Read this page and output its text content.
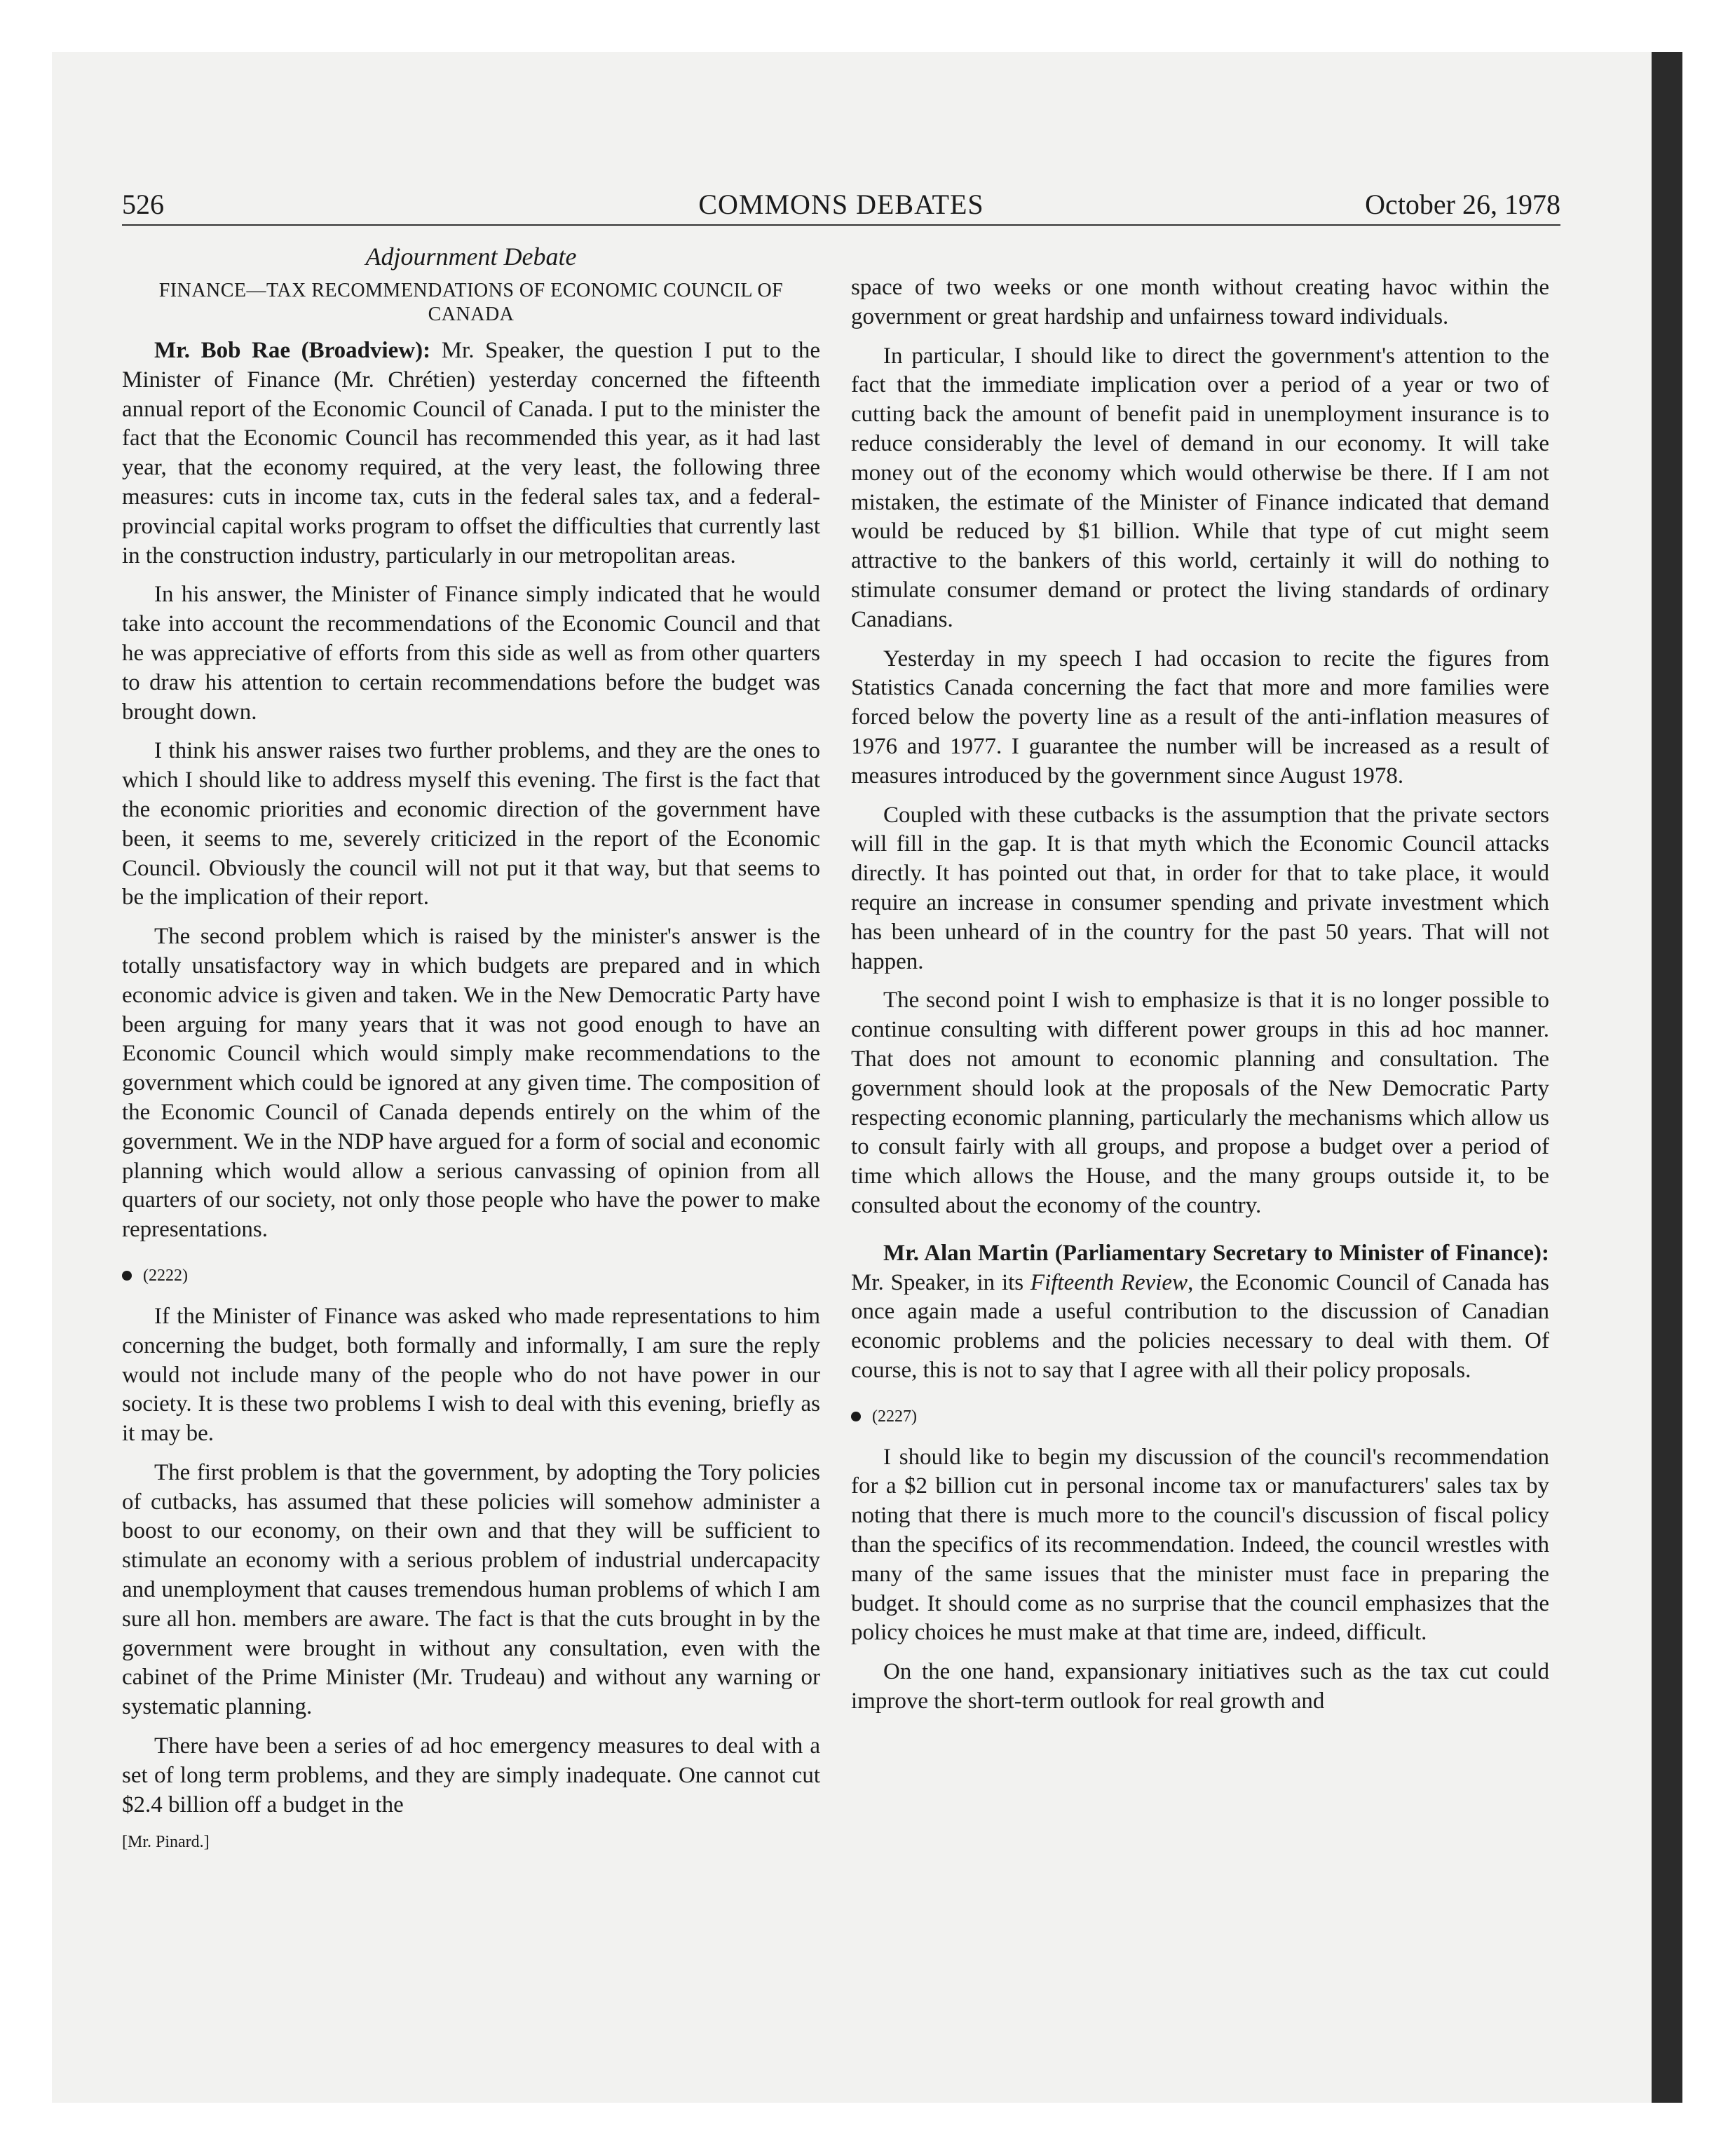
526	COMMONS DEBATES	October 26, 1978
Adjournment Debate
FINANCE—TAX RECOMMENDATIONS OF ECONOMIC COUNCIL OF CANADA

Mr. Bob Rae (Broadview): Mr. Speaker, the question I put to the Minister of Finance (Mr. Chrétien) yesterday concerned the fifteenth annual report of the Economic Council of Canada. I put to the minister the fact that the Economic Council has recommended this year, as it had last year, that the economy required, at the very least, the following three measures: cuts in income tax, cuts in the federal sales tax, and a federal-provincial capital works program to offset the difficulties that currently last in the construction industry, particularly in our metropolitan areas.

In his answer, the Minister of Finance simply indicated that he would take into account the recommendations of the Economic Council and that he was appreciative of efforts from this side as well as from other quarters to draw his attention to certain recommendations before the budget was brought down.

I think his answer raises two further problems, and they are the ones to which I should like to address myself this evening. The first is the fact that the economic priorities and economic direction of the government have been, it seems to me, severely criticized in the report of the Economic Council. Obviously the council will not put it that way, but that seems to be the implication of their report.

The second problem which is raised by the minister's answer is the totally unsatisfactory way in which budgets are prepared and in which economic advice is given and taken. We in the New Democratic Party have been arguing for many years that it was not good enough to have an Economic Council which would simply make recommendations to the government which could be ignored at any given time. The composition of the Economic Council of Canada depends entirely on the whim of the government. We in the NDP have argued for a form of social and economic planning which would allow a serious canvassing of opinion from all quarters of our society, not only those people who have the power to make representations.

(2222)

If the Minister of Finance was asked who made representations to him concerning the budget, both formally and informally, I am sure the reply would not include many of the people who do not have power in our society. It is these two problems I wish to deal with this evening, briefly as it may be.

The first problem is that the government, by adopting the Tory policies of cutbacks, has assumed that these policies will somehow administer a boost to our economy, on their own and that they will be sufficient to stimulate an economy with a serious problem of industrial undercapacity and unemployment that causes tremendous human problems of which I am sure all hon. members are aware. The fact is that the cuts brought in by the government were brought in without any consultation, even with the cabinet of the Prime Minister (Mr. Trudeau) and without any warning or systematic planning.

There have been a series of ad hoc emergency measures to deal with a set of long term problems, and they are simply inadequate. One cannot cut $2.4 billion off a budget in the

[Mr. Pinard.]

space of two weeks or one month without creating havoc within the government or great hardship and unfairness toward individuals.

In particular, I should like to direct the government's attention to the fact that the immediate implication over a period of a year or two of cutting back the amount of benefit paid in unemployment insurance is to reduce considerably the level of demand in our economy. It will take money out of the economy which would otherwise be there. If I am not mistaken, the estimate of the Minister of Finance indicated that demand would be reduced by $1 billion. While that type of cut might seem attractive to the bankers of this world, certainly it will do nothing to stimulate consumer demand or protect the living standards of ordinary Canadians.

Yesterday in my speech I had occasion to recite the figures from Statistics Canada concerning the fact that more and more families were forced below the poverty line as a result of the anti-inflation measures of 1976 and 1977. I guarantee the number will be increased as a result of measures introduced by the government since August 1978.

Coupled with these cutbacks is the assumption that the private sectors will fill in the gap. It is that myth which the Economic Council attacks directly. It has pointed out that, in order for that to take place, it would require an increase in consumer spending and private investment which has been unheard of in the country for the past 50 years. That will not happen.

The second point I wish to emphasize is that it is no longer possible to continue consulting with different power groups in this ad hoc manner. That does not amount to economic planning and consultation. The government should look at the proposals of the New Democratic Party respecting economic planning, particularly the mechanisms which allow us to consult fairly with all groups, and propose a budget over a period of time which allows the House, and the many groups outside it, to be consulted about the economy of the country.

Mr. Alan Martin (Parliamentary Secretary to Minister of Finance): Mr. Speaker, in its Fifteenth Review, the Economic Council of Canada has once again made a useful contribution to the discussion of Canadian economic problems and the policies necessary to deal with them. Of course, this is not to say that I agree with all their policy proposals.

(2227)

I should like to begin my discussion of the council's recommendation for a $2 billion cut in personal income tax or manufacturers' sales tax by noting that there is much more to the council's discussion of fiscal policy than the specifics of its recommendation. Indeed, the council wrestles with many of the same issues that the minister must face in preparing the budget. It should come as no surprise that the council emphasizes that the policy choices he must make at that time are, indeed, difficult.

On the one hand, expansionary initiatives such as the tax cut could improve the short-term outlook for real growth and
